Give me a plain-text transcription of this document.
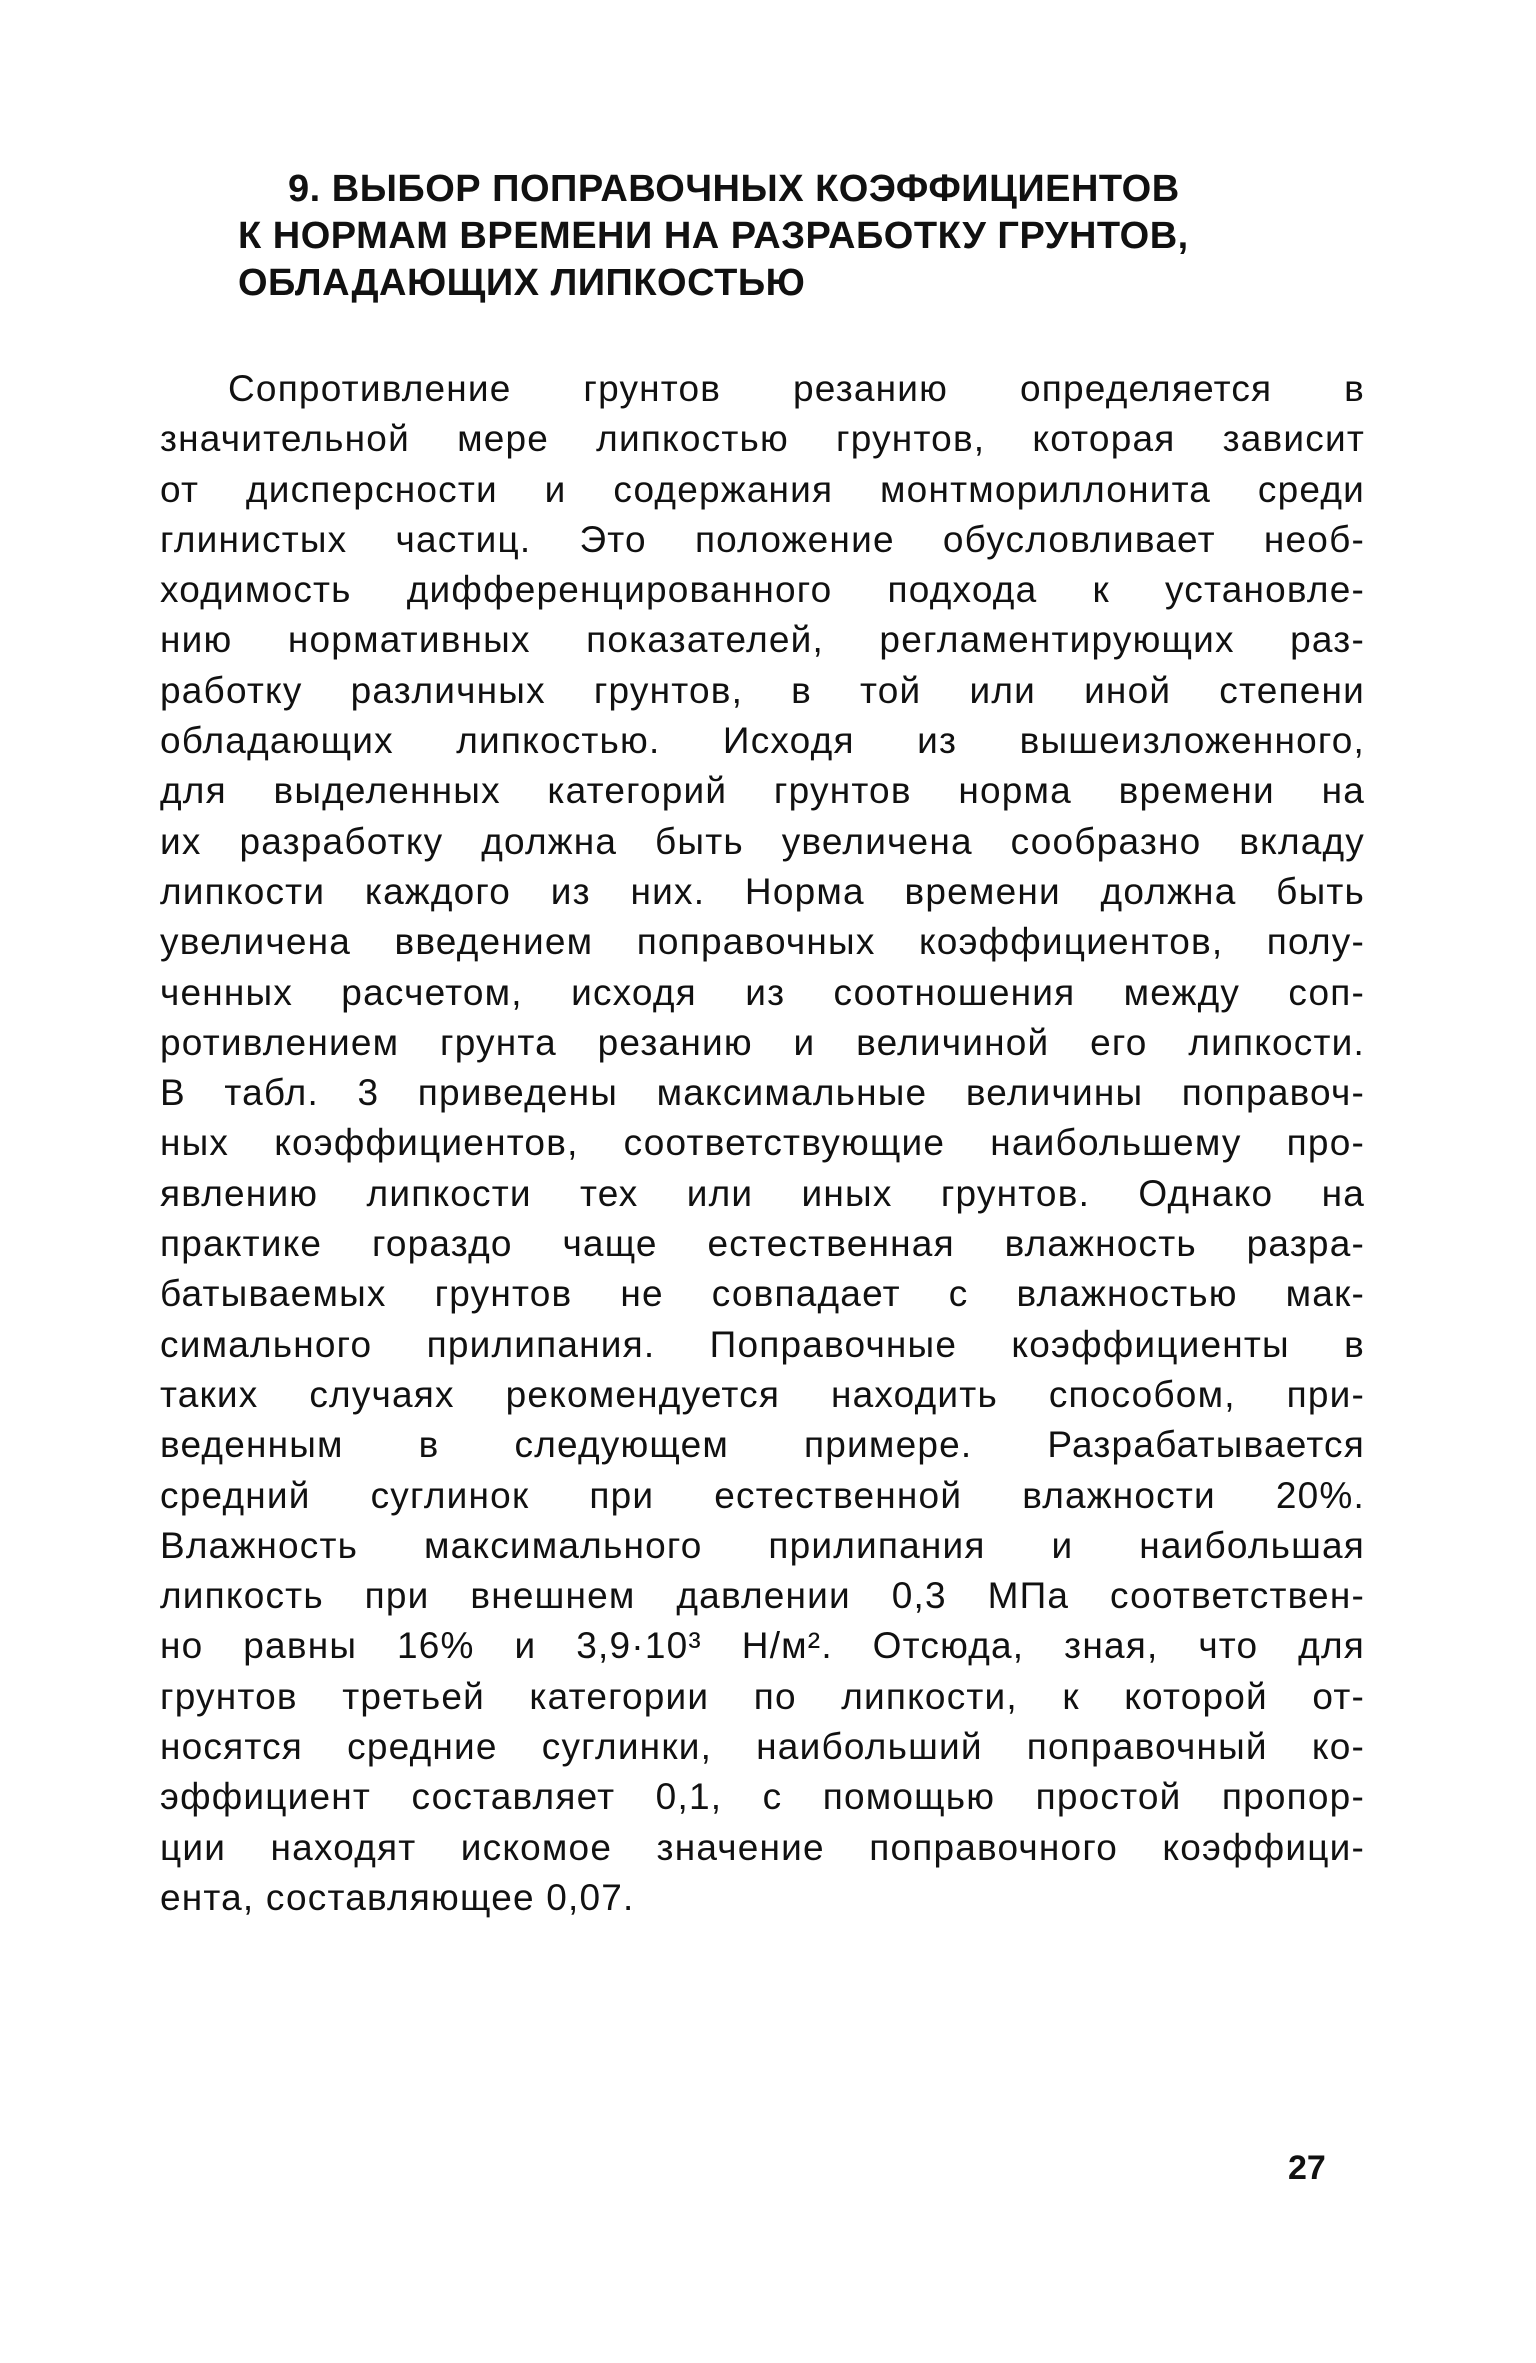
9. ВЫБОР ПОПРАВОЧНЫХ КОЭФФИЦИЕНТОВ
К НОРМАМ ВРЕМЕНИ НА РАЗРАБОТКУ ГРУНТОВ,
ОБЛАДАЮЩИХ ЛИПКОСТЬЮ
Сопротивление грунтов резанию определяется в
значительной мере липкостью грунтов, которая зависит
от дисперсности и содержания монтмориллонита среди
глинистых частиц. Это положение обусловливает необ-
ходимость дифференцированного подхода к установле-
нию нормативных показателей, регламентирующих раз-
работку различных грунтов, в той или иной степени
обладающих липкостью. Исходя из вышеизложенного,
для выделенных категорий грунтов норма времени на
их разработку должна быть увеличена сообразно вкладу
липкости каждого из них. Норма времени должна быть
увеличена введением поправочных коэффициентов, полу-
ченных расчетом, исходя из соотношения между соп-
ротивлением грунта резанию и величиной его липкости.
В табл. 3 приведены максимальные величины поправоч-
ных коэффициентов, соответствующие наибольшему про-
явлению липкости тех или иных грунтов. Однако на
практике гораздо чаще естественная влажность разра-
батываемых грунтов не совпадает с влажностью мак-
симального прилипания. Поправочные коэффициенты в
таких случаях рекомендуется находить способом, при-
веденным в следующем примере. Разрабатывается
средний суглинок при естественной влажности 20%.
Влажность максимального прилипания и наибольшая
липкость при внешнем давлении 0,3 МПа соответствен-
но равны 16% и 3,9·10³ Н/м². Отсюда, зная, что для
грунтов третьей категории по липкости, к которой от-
носятся средние суглинки, наибольший поправочный ко-
эффициент составляет 0,1, с помощью простой пропор-
ции находят искомое значение поправочного коэффици-
ента, составляющее 0,07.
27
